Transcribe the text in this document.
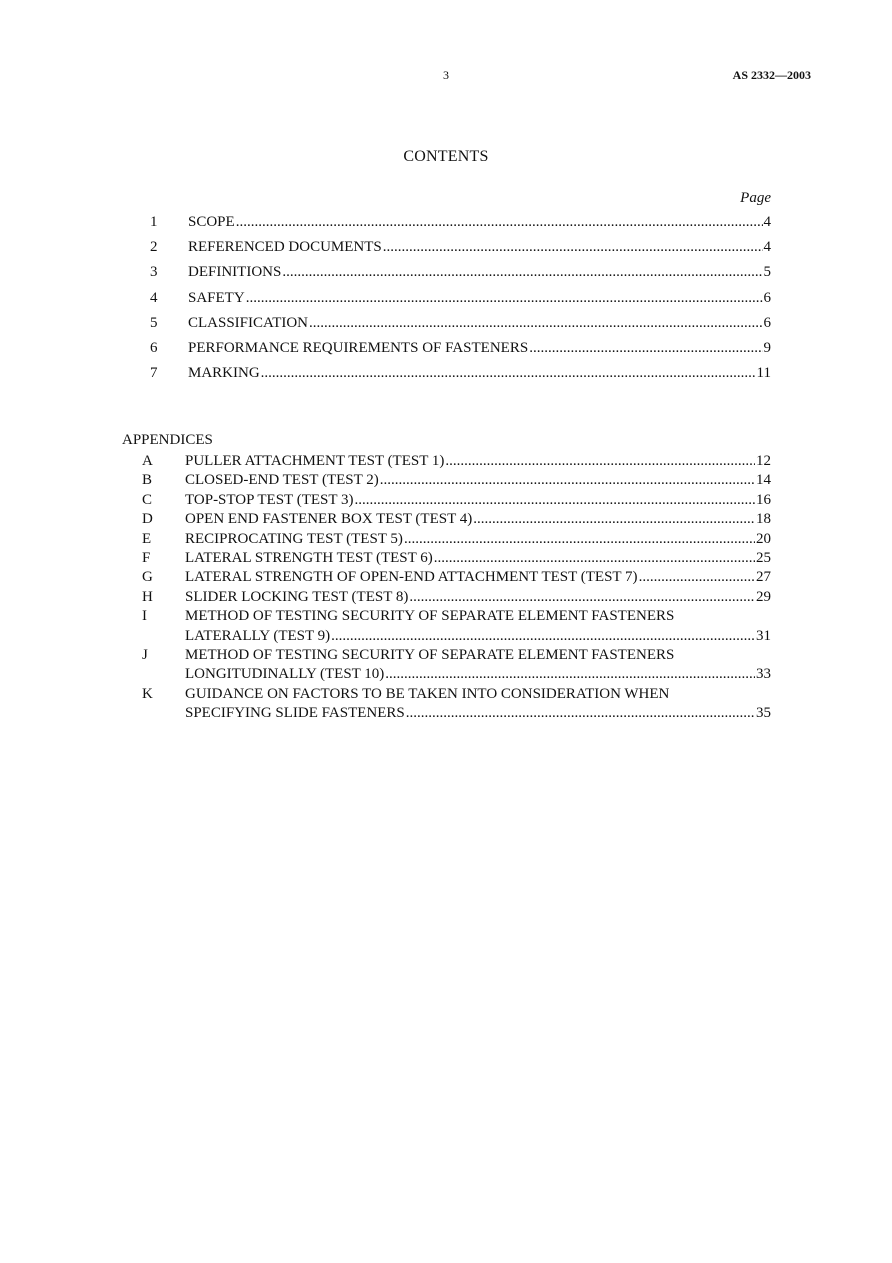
3	AS 2332—2003
CONTENTS
Page
1	SCOPE .....	4
2	REFERENCED DOCUMENTS .....	4
3	DEFINITIONS .....	5
4	SAFETY .....	6
5	CLASSIFICATION .....	6
6	PERFORMANCE REQUIREMENTS OF FASTENERS .....	9
7	MARKING .....	11
APPENDICES
A	PULLER ATTACHMENT TEST (TEST 1) .....	12
B	CLOSED-END TEST (TEST 2) .....	14
C	TOP-STOP TEST (TEST 3) .....	16
D	OPEN END FASTENER BOX TEST (TEST 4) .....	18
E	RECIPROCATING TEST (TEST 5) .....	20
F	LATERAL STRENGTH TEST (TEST 6) .....	25
G	LATERAL STRENGTH OF OPEN-END ATTACHMENT TEST (TEST 7) .....	27
H	SLIDER LOCKING TEST (TEST 8) .....	29
I	METHOD OF TESTING SECURITY OF SEPARATE ELEMENT FASTENERS
LATERALLY (TEST 9) .....	31
J	METHOD OF TESTING SECURITY OF SEPARATE ELEMENT FASTENERS
LONGITUDINALLY (TEST 10) .....	33
K	GUIDANCE ON FACTORS TO BE TAKEN INTO CONSIDERATION WHEN
SPECIFYING SLIDE FASTENERS .....	35
